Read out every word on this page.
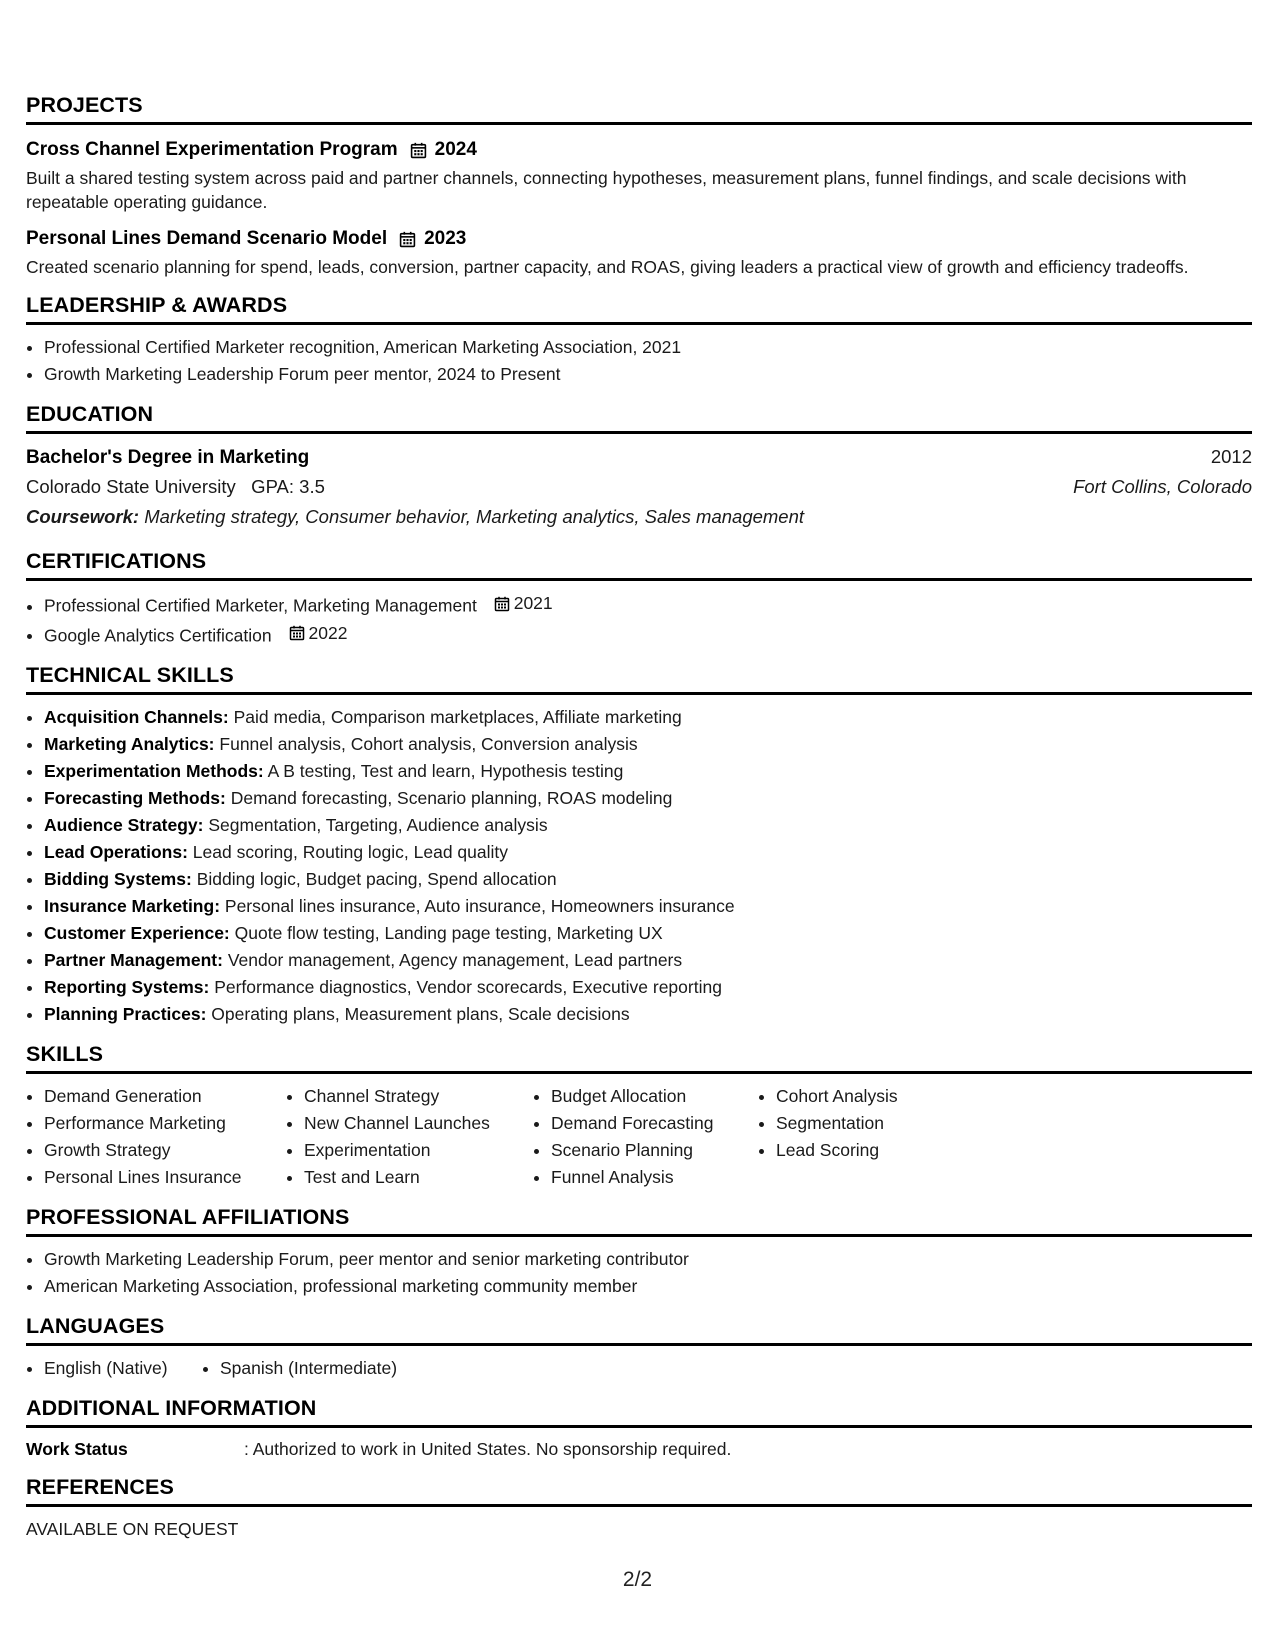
PROJECTS
Cross Channel Experimentation Program 2024

Built a shared testing system across paid and partner channels, connecting hypotheses, measurement plans, funnel findings, and scale decisions with repeatable operating guidance.

Personal Lines Demand Scenario Model 2023

Created scenario planning for spend, leads, conversion, partner capacity, and ROAS, giving leaders a practical view of growth and efficiency tradeoffs.

LEADERSHIP & AWARDS
• Professional Certified Marketer recognition, American Marketing Association, 2021
• Growth Marketing Leadership Forum peer mentor, 2024 to Present
EDUCATION
Bachelor's Degree in Marketing	2012
Colorado State University   GPA: 3.5	Fort Collins, Colorado
Coursework: Marketing strategy, Consumer behavior, Marketing analytics, Sales management
CERTIFICATIONS
• Professional Certified Marketer, Marketing Management 2021
• Google Analytics Certification 2022
TECHNICAL SKILLS
• Acquisition Channels: Paid media, Comparison marketplaces, Affiliate marketing
• Marketing Analytics: Funnel analysis, Cohort analysis, Conversion analysis
• Experimentation Methods: A B testing, Test and learn, Hypothesis testing
• Forecasting Methods: Demand forecasting, Scenario planning, ROAS modeling
• Audience Strategy: Segmentation, Targeting, Audience analysis
• Lead Operations: Lead scoring, Routing logic, Lead quality
• Bidding Systems: Bidding logic, Budget pacing, Spend allocation
• Insurance Marketing: Personal lines insurance, Auto insurance, Homeowners insurance
• Customer Experience: Quote flow testing, Landing page testing, Marketing UX
• Partner Management: Vendor management, Agency management, Lead partners
• Reporting Systems: Performance diagnostics, Vendor scorecards, Executive reporting
• Planning Practices: Operating plans, Measurement plans, Scale decisions
SKILLS
• Demand Generation
• Performance Marketing
• Growth Strategy
• Personal Lines Insurance
• Channel Strategy
• New Channel Launches
• Experimentation
• Test and Learn
• Budget Allocation
• Demand Forecasting
• Scenario Planning
• Funnel Analysis
• Cohort Analysis
• Segmentation
• Lead Scoring
PROFESSIONAL AFFILIATIONS
• Growth Marketing Leadership Forum, peer mentor and senior marketing contributor
• American Marketing Association, professional marketing community member
LANGUAGES
• English (Native)
•	Spanish (Intermediate)
ADDITIONAL INFORMATION
Work Status	: Authorized to work in United States. No sponsorship required.
REFERENCES
AVAILABLE ON REQUEST
2/2
